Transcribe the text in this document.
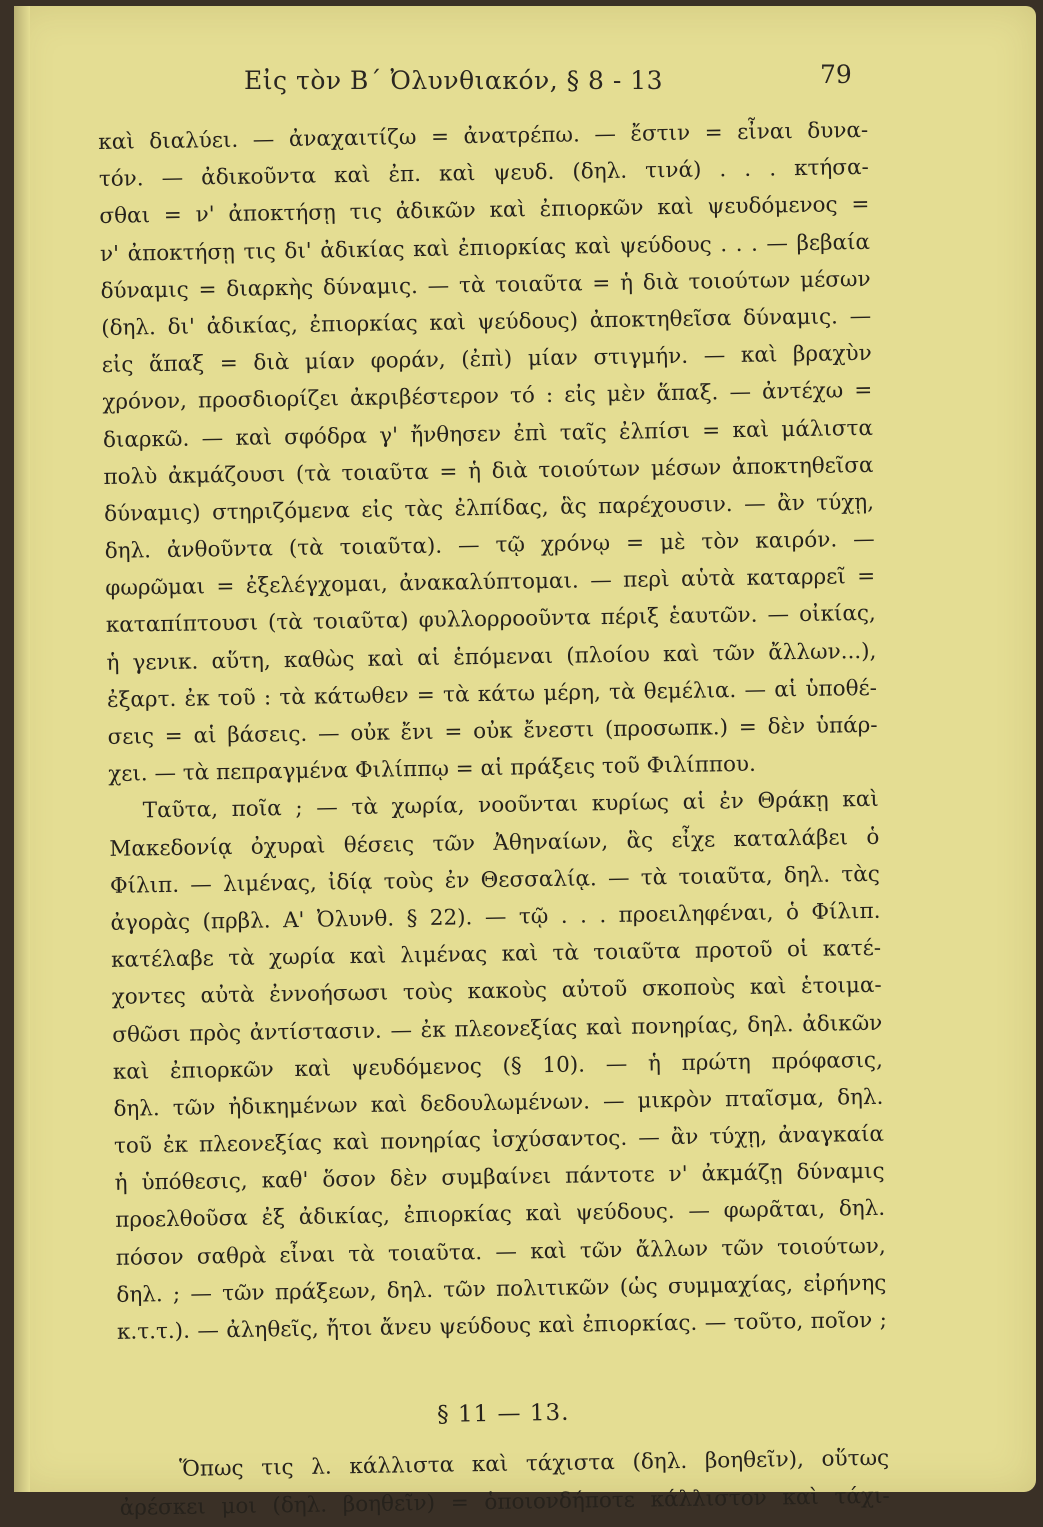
Εἰς τὸν Β΄ Ὀλυνθιακόν, § 8 - 13	79
καὶ διαλύει. — ἀναχαιτίζω = ἀνατρέπω. — ἔστιν = εἶναι δυνα-
τόν. — ἀδικοῦντα καὶ ἐπ. καὶ ψευδ. (δηλ. τινά) . . . κτήσα-
σθαι = ν' ἀποκτήσῃ τις ἀδικῶν καὶ ἐπιορκῶν καὶ ψευδόμενος =
ν' ἀποκτήσῃ τις δι' ἀδικίας καὶ ἐπιορκίας καὶ ψεύδους . . . — βεβαία
δύναμις = διαρκὴς δύναμις. — τὰ τοιαῦτα = ἡ διὰ τοιούτων μέσων
(δηλ. δι' ἀδικίας, ἐπιορκίας καὶ ψεύδους) ἀποκτηθεῖσα δύναμις. —
εἰς ἅπαξ = διὰ μίαν φοράν, (ἐπὶ) μίαν στιγμήν. — καὶ βραχὺν
χρόνον, προσδιορίζει ἀκριβέστερον τό : εἰς μὲν ἅπαξ. — ἀντέχω =
διαρκῶ. — καὶ σφόδρα γ' ἤνθησεν ἐπὶ ταῖς ἐλπίσι = καὶ μάλιστα
πολὺ ἀκμάζουσι (τὰ τοιαῦτα = ἡ διὰ τοιούτων μέσων ἀποκτηθεῖσα
δύναμις) στηριζόμενα εἰς τὰς ἐλπίδας, ἃς παρέχουσιν. — ἂν τύχῃ,
δηλ. ἀνθοῦντα (τὰ τοιαῦτα). — τῷ χρόνῳ = μὲ τὸν καιρόν. —
φωρῶμαι = ἐξελέγχομαι, ἀνακαλύπτομαι. — περὶ αὑτὰ καταρρεῖ =
καταπίπτουσι (τὰ τοιαῦτα) φυλλορροοῦντα πέριξ ἑαυτῶν. — οἰκίας,
ἡ γενικ. αὕτη, καθὼς καὶ αἱ ἑπόμεναι (πλοίου καὶ τῶν ἄλλων...),
ἐξαρτ. ἐκ τοῦ : τὰ κάτωθεν = τὰ κάτω μέρη, τὰ θεμέλια. — αἱ ὑποθέ-
σεις = αἱ βάσεις. — οὐκ ἔνι = οὐκ ἔνεστι (προσωπκ.) = δὲν ὑπάρ-
χει. — τὰ πεπραγμένα Φιλίππῳ = αἱ πράξεις τοῦ Φιλίππου.
Ταῦτα, ποῖα ; — τὰ χωρία, νοοῦνται κυρίως αἱ ἐν Θράκῃ καὶ
Μακεδονίᾳ ὀχυραὶ θέσεις τῶν Ἀθηναίων, ἃς εἶχε καταλάβει ὁ
Φίλιπ. — λιμένας, ἰδίᾳ τοὺς ἐν Θεσσαλίᾳ. — τὰ τοιαῦτα, δηλ. τὰς
ἀγορὰς (πρβλ. Α' Ὀλυνθ. § 22). — τῷ . . . προειληφέναι, ὁ Φίλιπ.
κατέλαβε τὰ χωρία καὶ λιμένας καὶ τὰ τοιαῦτα προτοῦ οἱ κατέ-
χοντες αὐτὰ ἐννοήσωσι τοὺς κακοὺς αὐτοῦ σκοποὺς καὶ ἑτοιμα-
σθῶσι πρὸς ἀντίστασιν. — ἐκ πλεονεξίας καὶ πονηρίας, δηλ. ἀδικῶν
καὶ ἐπιορκῶν καὶ ψευδόμενος (§ 10). — ἡ πρώτη πρόφασις,
δηλ. τῶν ἠδικημένων καὶ δεδουλωμένων. — μικρὸν πταῖσμα, δηλ.
τοῦ ἐκ πλεονεξίας καὶ πονηρίας ἰσχύσαντος. — ἂν τύχῃ, ἀναγκαία
ἡ ὑπόθεσις, καθ' ὅσον δὲν συμβαίνει πάντοτε ν' ἀκμάζῃ δύναμις
προελθοῦσα ἐξ ἀδικίας, ἐπιορκίας καὶ ψεύδους. — φωρᾶται, δηλ.
πόσον σαθρὰ εἶναι τὰ τοιαῦτα. — καὶ τῶν ἄλλων τῶν τοιούτων,
δηλ. ; — τῶν πράξεων, δηλ. τῶν πολιτικῶν (ὡς συμμαχίας, εἰρήνης
κ.τ.τ.). — ἀληθεῖς, ἤτοι ἄνευ ψεύδους καὶ ἐπιορκίας. — τοῦτο, ποῖον ;
§ 11 — 13.
Ὅπως τις λ. κάλλιστα καὶ τάχιστα (δηλ. βοηθεῖν), οὕτως
ἀρέσκει μοι (δηλ. βοηθεῖν) = ὁποιονδήποτε κάλλιστον καὶ τάχι-
